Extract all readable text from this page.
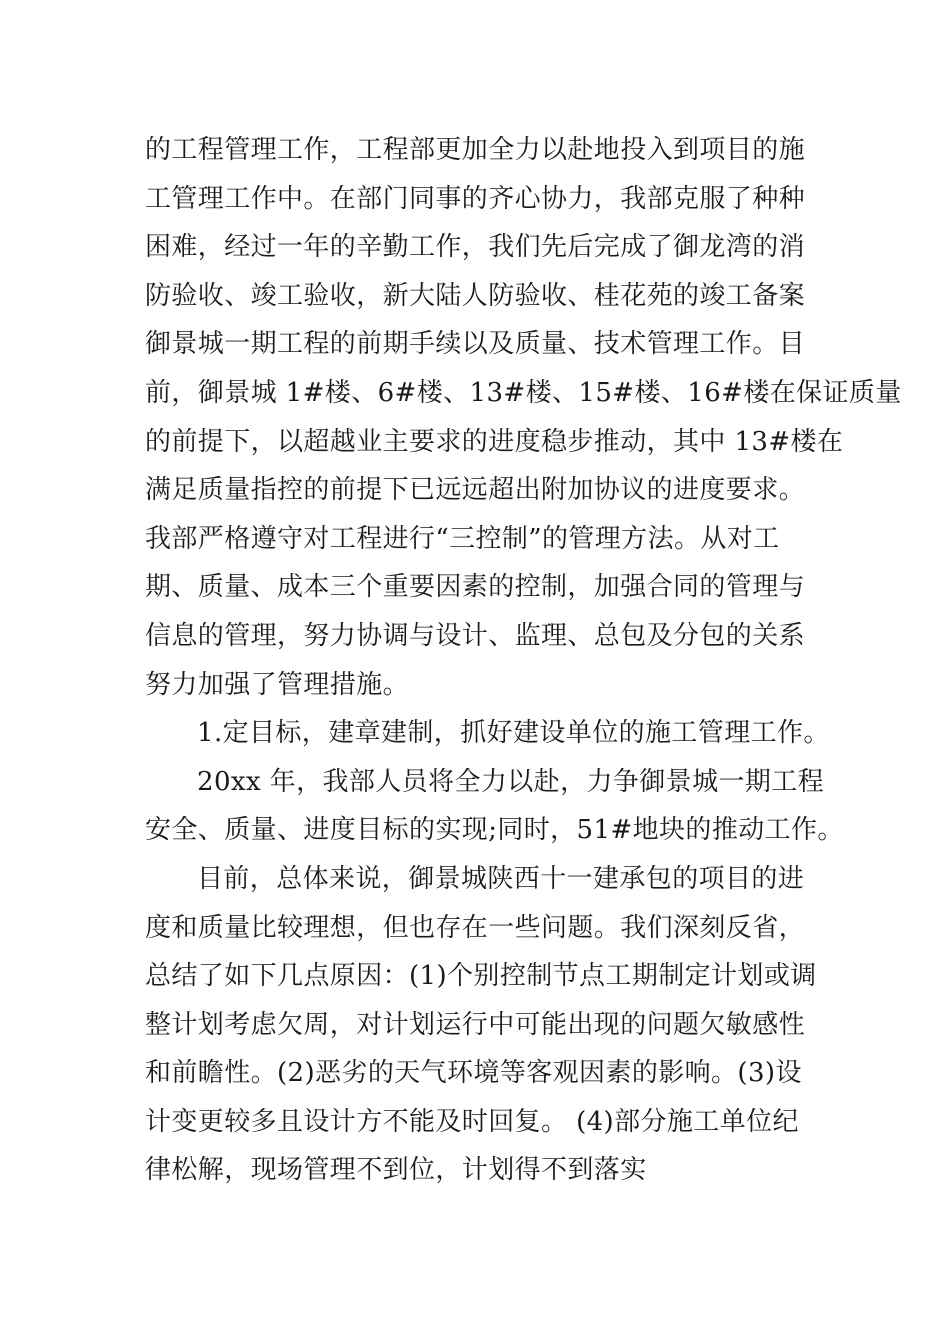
的工程管理工作，工程部更加全力以赴地投入到项目的施
工管理工作中。在部门同事的齐心协力，我部克服了种种
困难，经过一年的辛勤工作，我们先后完成了御龙湾的消
防验收、竣工验收，新大陆人防验收、桂花苑的竣工备案
御景城一期工程的前期手续以及质量、技术管理工作。目
前，御景城 1#楼、6#楼、13#楼、15#楼、16#楼在保证质量
的前提下，以超越业主要求的进度稳步推动，其中 13#楼在
满足质量指控的前提下已远远超出附加协议的进度要求。
我部严格遵守对工程进行“三控制”的管理方法。从对工
期、质量、成本三个重要因素的控制，加强合同的管理与
信息的管理，努力协调与设计、监理、总包及分包的关系
努力加强了管理措施。
1.定目标，建章建制，抓好建设单位的施工管理工作。
20xx 年，我部人员将全力以赴，力争御景城一期工程
安全、质量、进度目标的实现;同时，51#地块的推动工作。
目前，总体来说，御景城陕西十一建承包的项目的进
度和质量比较理想，但也存在一些问题。我们深刻反省，
总结了如下几点原因：(1)个别控制节点工期制定计划或调
整计划考虑欠周，对计划运行中可能出现的问题欠敏感性
和前瞻性。(2)恶劣的天气环境等客观因素的影响。(3)设
计变更较多且设计方不能及时回复。 (4)部分施工单位纪
律松解，现场管理不到位，计划得不到落实
